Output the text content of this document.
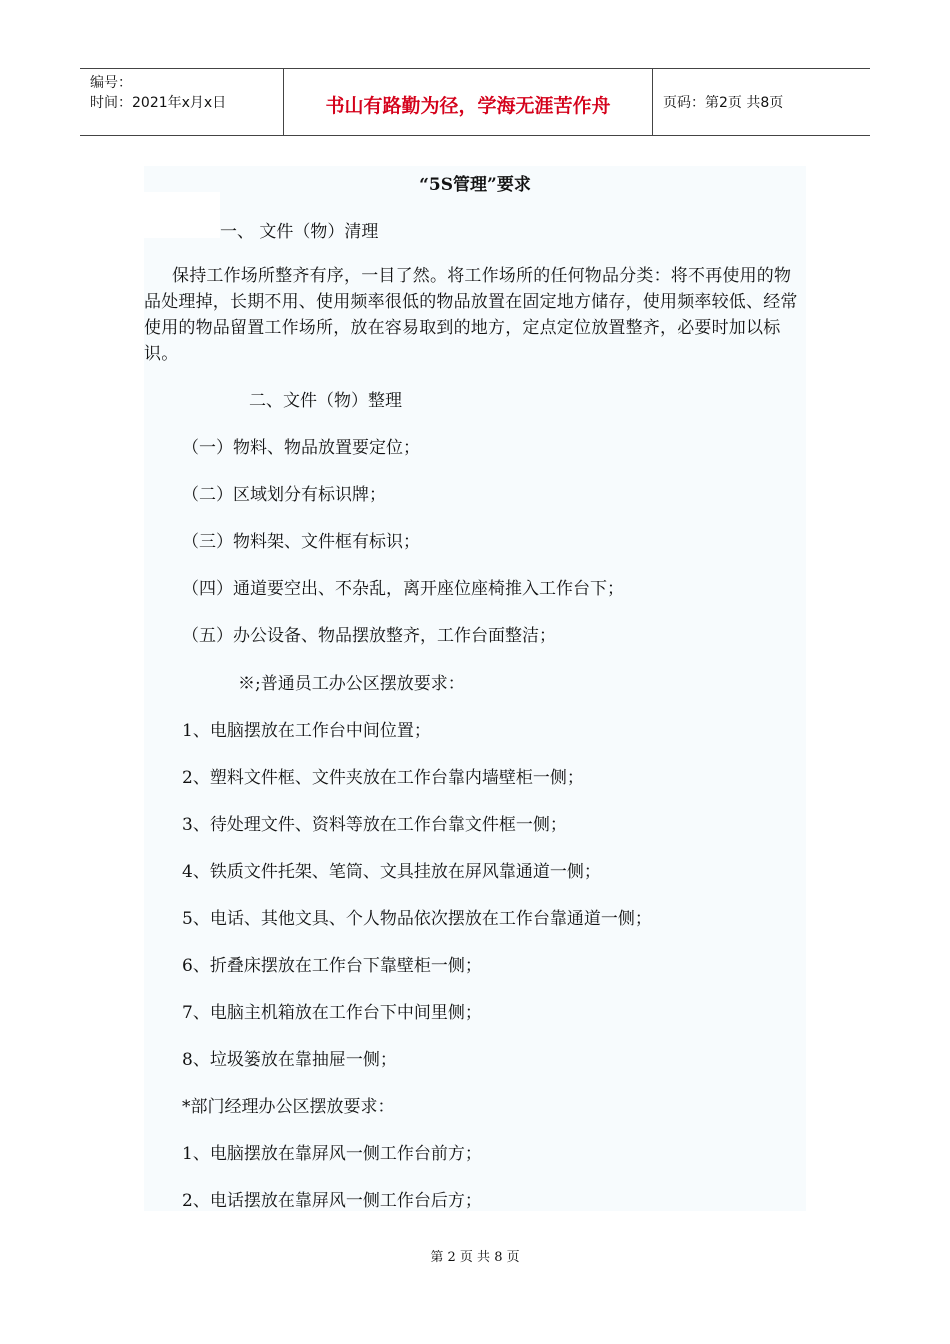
编号：
时间：2021年x月x日	书山有路勤为径，学海无涯苦作舟	页码：第2页 共8页
“5S管理”要求
一、 文件（物）清理
保持工作场所整齐有序，一目了然。将工作场所的任何物品分类：将不再使用的物品处理掉，长期不用、使用频率很低的物品放置在固定地方储存，使用频率较低、经常使用的物品留置工作场所，放在容易取到的地方，定点定位放置整齐，必要时加以标识。
二、文件（物）整理
（一）物料、物品放置要定位；
（二）区域划分有标识牌；
（三）物料架、文件框有标识；
（四）通道要空出、不杂乱，离开座位座椅推入工作台下；
（五）办公设备、物品摆放整齐，工作台面整洁；
※;普通员工办公区摆放要求：
1、电脑摆放在工作台中间位置；
2、塑料文件框、文件夹放在工作台靠内墙壁柜一侧；
3、待处理文件、资料等放在工作台靠文件框一侧；
4、铁质文件托架、笔筒、文具挂放在屏风靠通道一侧；
5、电话、其他文具、个人物品依次摆放在工作台靠通道一侧；
6、折叠床摆放在工作台下靠壁柜一侧；
7、电脑主机箱放在工作台下中间里侧；
8、垃圾篓放在靠抽屉一侧；
*部门经理办公区摆放要求：
1、电脑摆放在靠屏风一侧工作台前方；
2、电话摆放在靠屏风一侧工作台后方；
第 2 页 共 8 页
